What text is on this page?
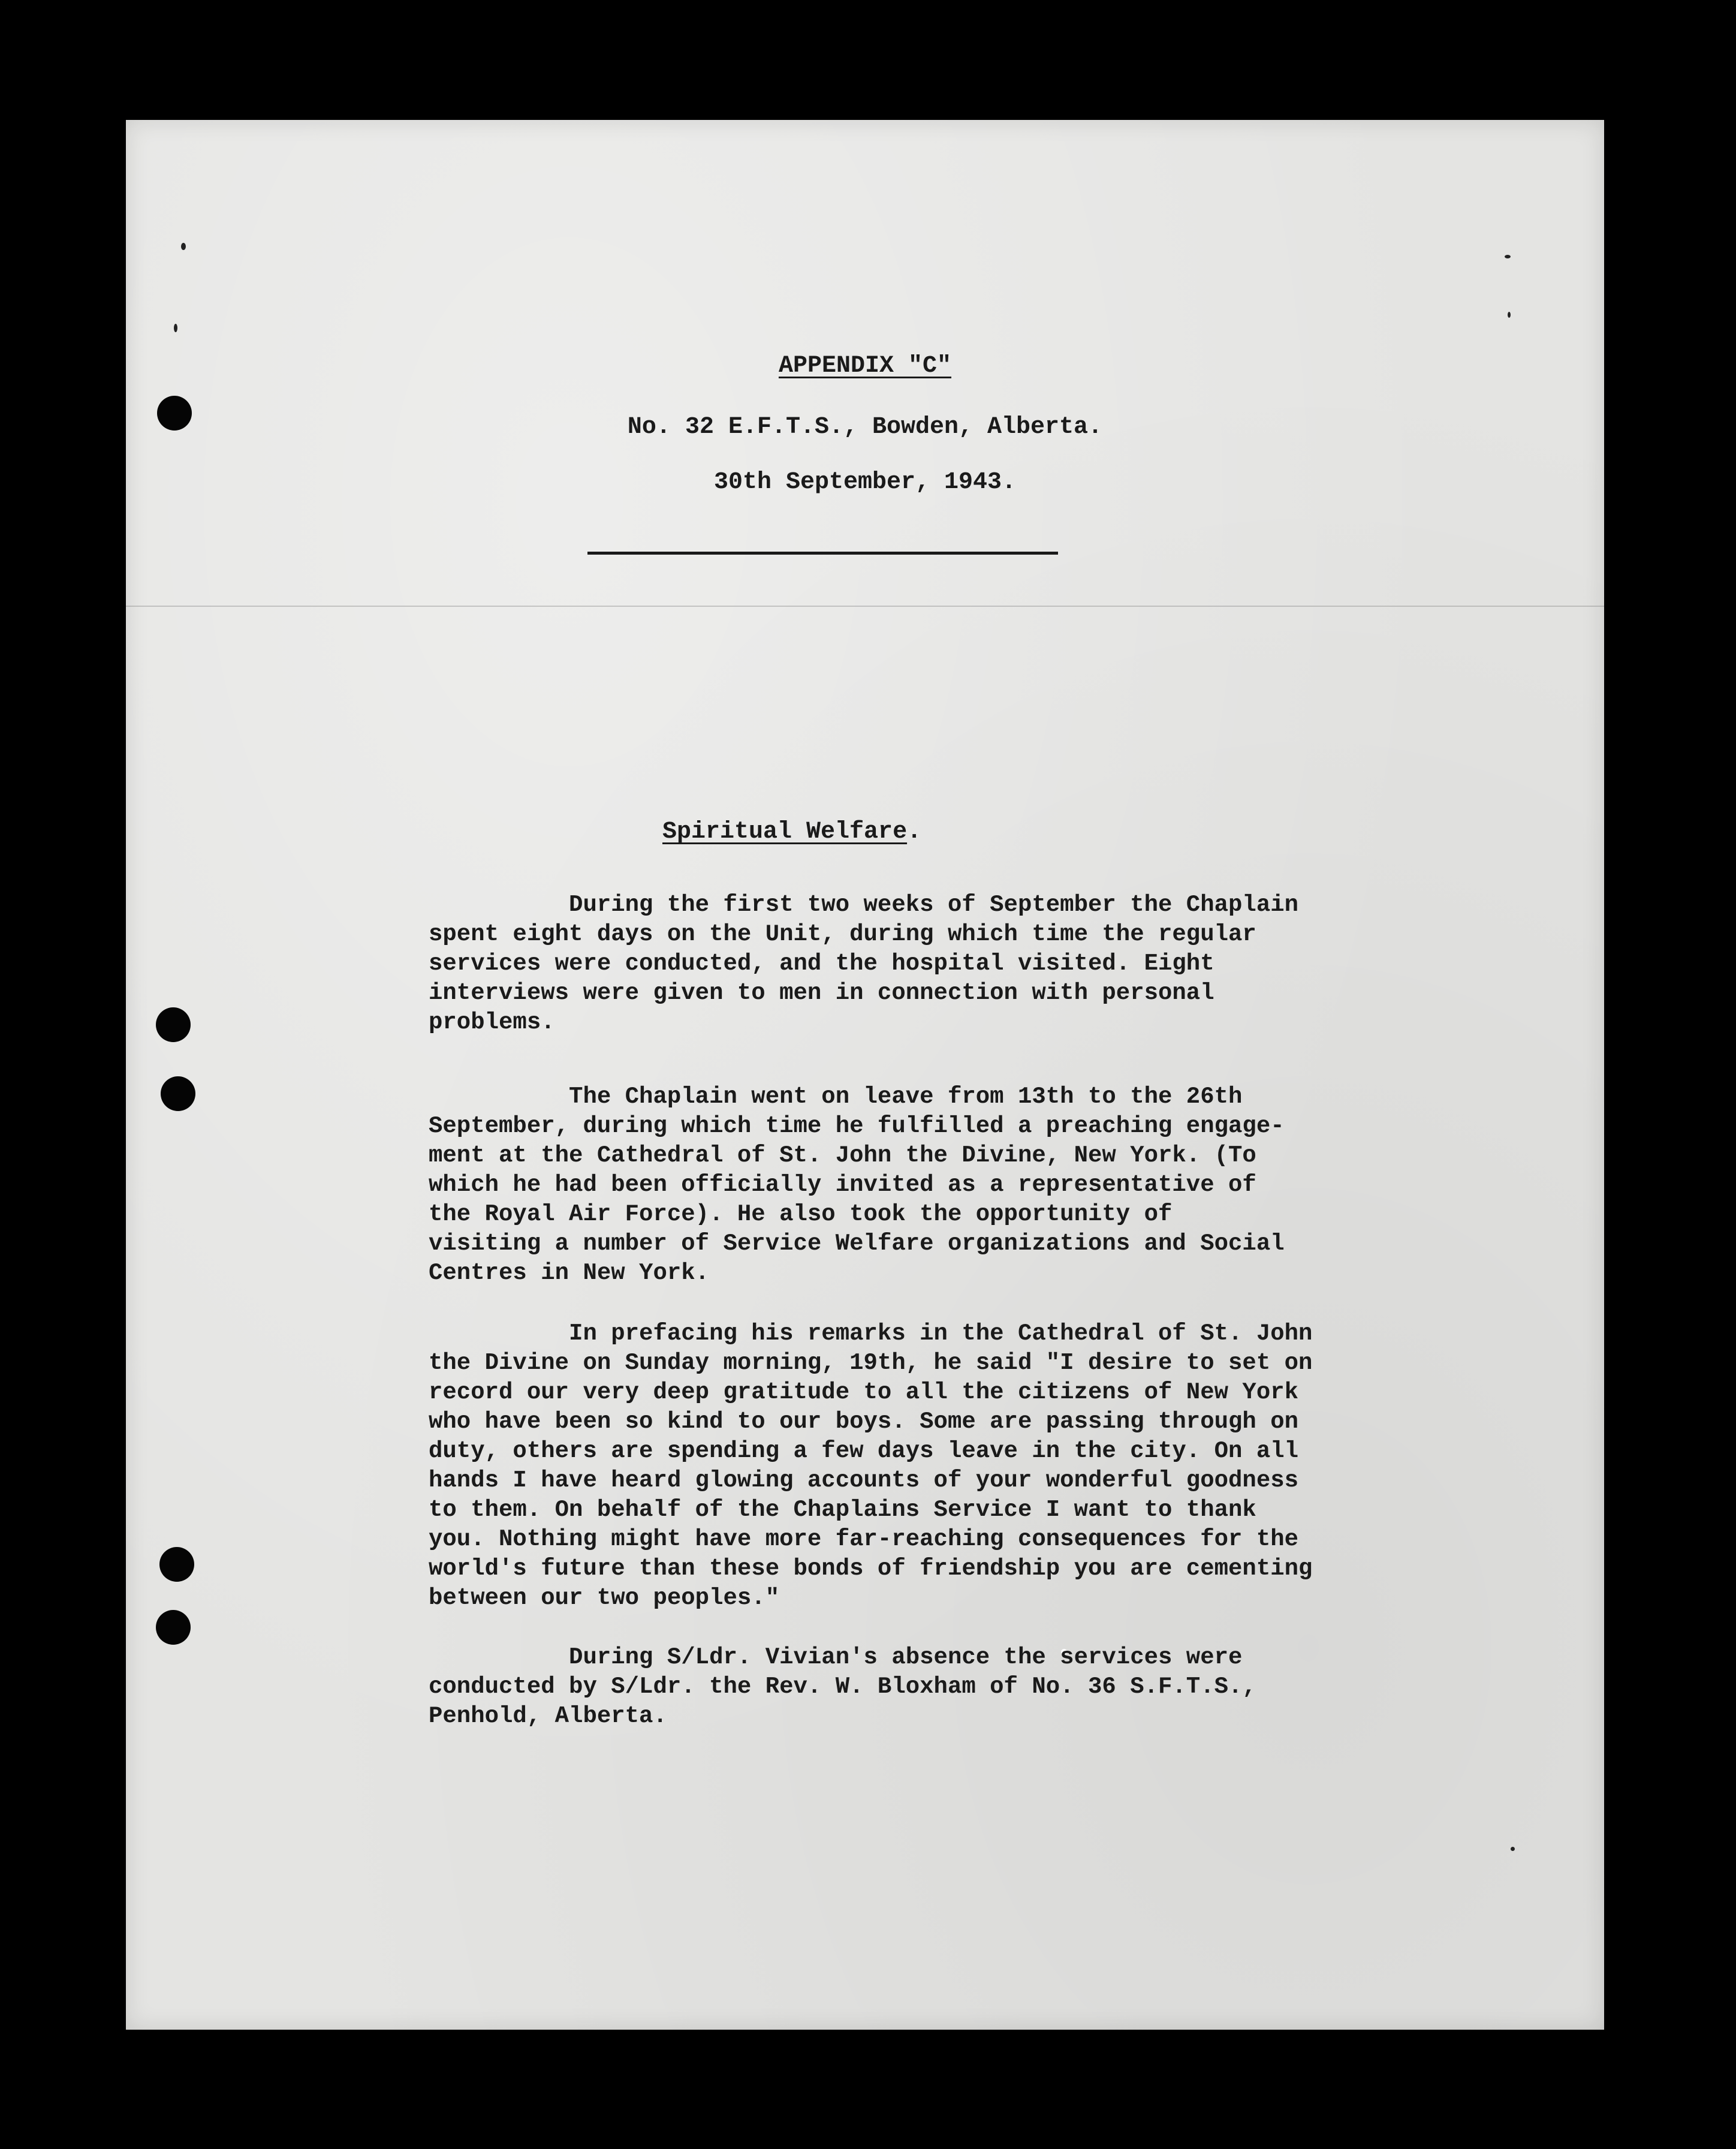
APPENDIX "C"
No. 32 E.F.T.S., Bowden, Alberta.
30th September, 1943.
Spiritual Welfare.
During the first two weeks of September the Chaplain
spent eight days on the Unit, during which time the regular
services were conducted, and the hospital visited. Eight
interviews were given to men in connection with personal
problems.
The Chaplain went on leave from 13th to the 26th
September, during which time he fulfilled a preaching engage-
ment at the Cathedral of St. John the Divine, New York. (To
which he had been officially invited as a representative of
the Royal Air Force). He also took the opportunity of
visiting a number of Service Welfare organizations and Social
Centres in New York.
In prefacing his remarks in the Cathedral of St. John
the Divine on Sunday morning, 19th, he said "I desire to set on
record our very deep gratitude to all the citizens of New York
who have been so kind to our boys. Some are passing through on
duty, others are spending a few days leave in the city. On all
hands I have heard glowing accounts of your wonderful goodness
to them. On behalf of the Chaplains Service I want to thank
you. Nothing might have more far-reaching consequences for the
world's future than these bonds of friendship you are cementing
between our two peoples."
During S/Ldr. Vivian's absence the services were
conducted by S/Ldr. the Rev. W. Bloxham of No. 36 S.F.T.S.,
Penhold, Alberta.
